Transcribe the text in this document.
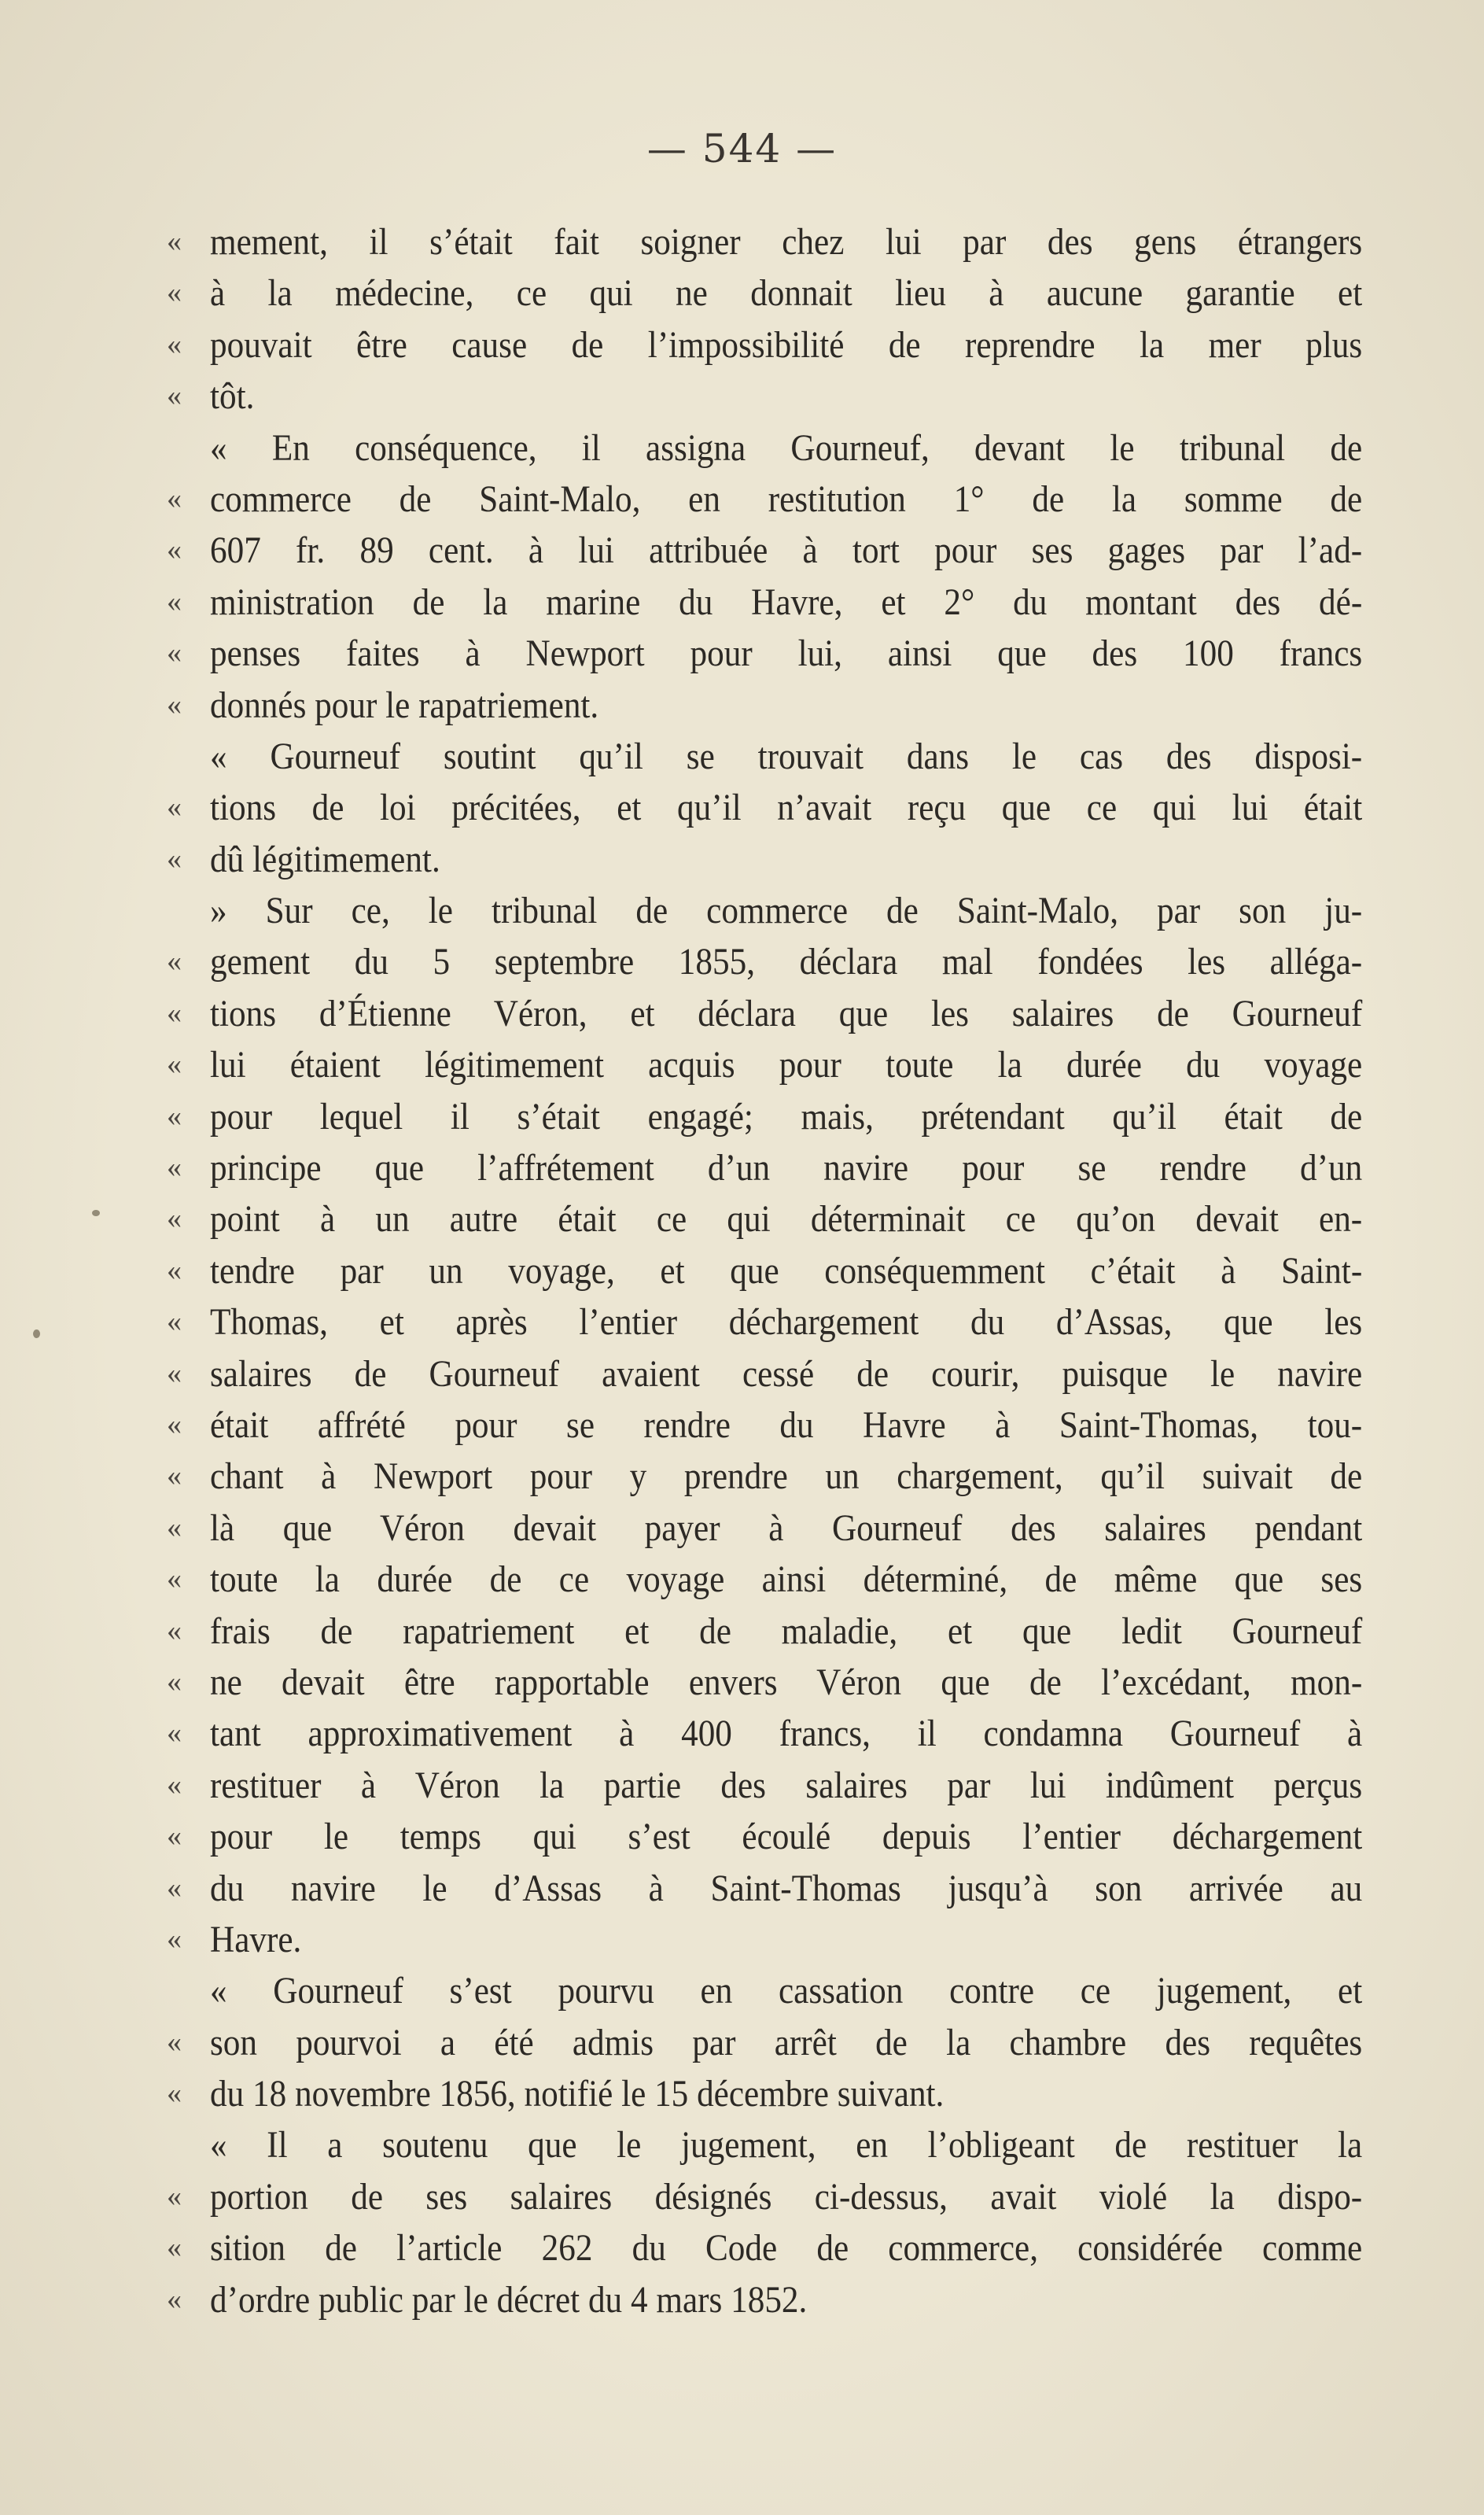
— 544 —
« mement, il s’était fait soigner chez lui par des gens étrangers
« à la médecine, ce qui ne donnait lieu à aucune garantie et
« pouvait être cause de l’impossibilité de reprendre la mer plus
« tôt.
« En conséquence, il assigna Gourneuf, devant le tribunal de
« commerce de Saint-Malo, en restitution 1° de la somme de
« 607 fr. 89 cent. à lui attribuée à tort pour ses gages par l’ad-
« ministration de la marine du Havre, et 2° du montant des dé-
« penses faites à Newport pour lui, ainsi que des 100 francs
« donnés pour le rapatriement.
« Gourneuf soutint qu’il se trouvait dans le cas des disposi-
« tions de loi précitées, et qu’il n’avait reçu que ce qui lui était
« dû légitimement.
» Sur ce, le tribunal de commerce de Saint-Malo, par son ju-
« gement du 5 septembre 1855, déclara mal fondées les alléga-
« tions d’Étienne Véron, et déclara que les salaires de Gourneuf
« lui étaient légitimement acquis pour toute la durée du voyage
« pour lequel il s’était engagé; mais, prétendant qu’il était de
« principe que l’affrétement d’un navire pour se rendre d’un
« point à un autre était ce qui déterminait ce qu’on devait en-
« tendre par un voyage, et que conséquemment c’était à Saint-
« Thomas, et après l’entier déchargement du d’Assas, que les
« salaires de Gourneuf avaient cessé de courir, puisque le navire
« était affrété pour se rendre du Havre à Saint-Thomas, tou-
« chant à Newport pour y prendre un chargement, qu’il suivait de
« là que Véron devait payer à Gourneuf des salaires pendant
« toute la durée de ce voyage ainsi déterminé, de même que ses
« frais de rapatriement et de maladie, et que ledit Gourneuf
« ne devait être rapportable envers Véron que de l’excédant, mon-
« tant approximativement à 400 francs, il condamna Gourneuf à
« restituer à Véron la partie des salaires par lui indûment perçus
« pour le temps qui s’est écoulé depuis l’entier déchargement
« du navire le d’Assas à Saint-Thomas jusqu’à son arrivée au
« Havre.
« Gourneuf s’est pourvu en cassation contre ce jugement, et
« son pourvoi a été admis par arrêt de la chambre des requêtes
« du 18 novembre 1856, notifié le 15 décembre suivant.
« Il a soutenu que le jugement, en l’obligeant de restituer la
« portion de ses salaires désignés ci-dessus, avait violé la dispo-
« sition de l’article 262 du Code de commerce, considérée comme
« d’ordre public par le décret du 4 mars 1852.
